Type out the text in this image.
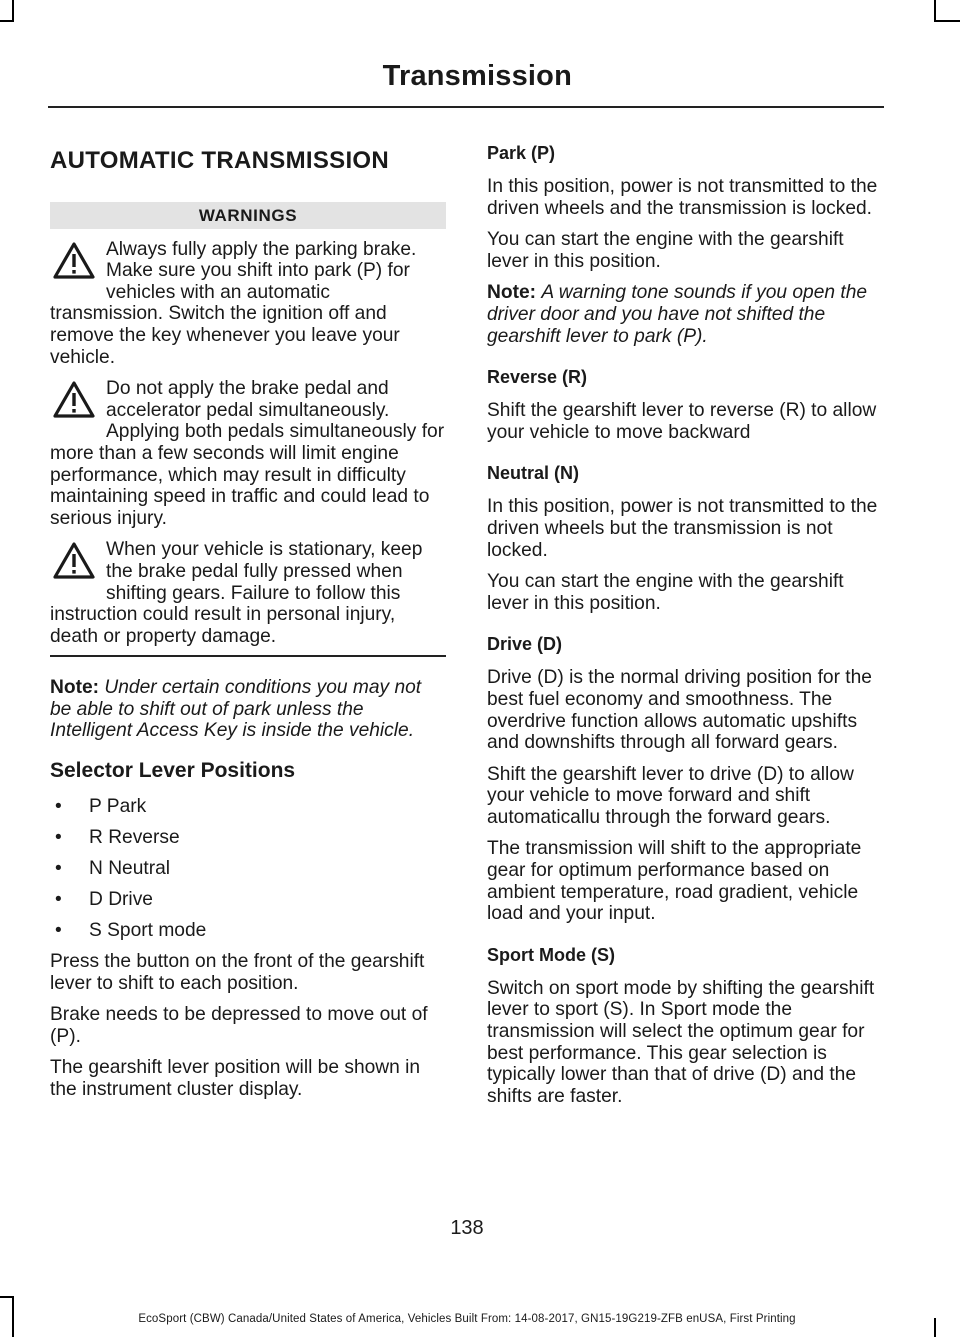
Transmission
AUTOMATIC TRANSMISSION
WARNINGS
Always fully apply the parking brake. Make sure you shift into park (P) for vehicles with an automatic transmission. Switch the ignition off and remove the key whenever you leave your vehicle.
Do not apply the brake pedal and accelerator pedal simultaneously. Applying both pedals simultaneously for more than a few seconds will limit engine performance, which may result in difficulty maintaining speed in traffic and could lead to serious injury.
When your vehicle is stationary, keep the brake pedal fully pressed when shifting gears. Failure to follow this instruction could result in personal injury, death or property damage.

Note: Under certain conditions you may not be able to shift out of park unless the Intelligent Access Key is inside the vehicle.

Selector Lever Positions
• P Park
• R Reverse
• N Neutral
• D Drive
• S Sport mode

Press the button on the front of the gearshift lever to shift to each position.

Brake needs to be depressed to move out of (P).

The gearshift lever position will be shown in the instrument cluster display.

Park (P)

In this position, power is not transmitted to the driven wheels and the transmission is locked.

You can start the engine with the gearshift lever in this position.

Note: A warning tone sounds if you open the driver door and you have not shifted the gearshift lever to park (P).

Reverse (R)

Shift the gearshift lever to reverse (R) to allow your vehicle to move backward

Neutral (N)

In this position, power is not transmitted to the driven wheels but the transmission is not locked.

You can start the engine with the gearshift lever in this position.

Drive (D)

Drive (D) is the normal driving position for the best fuel economy and smoothness. The overdrive function allows automatic upshifts and downshifts through all forward gears.

Shift the gearshift lever to drive (D) to allow your vehicle to move forward and shift automaticallu through the forward gears.

The transmission will shift to the appropriate gear for optimum performance based on ambient temperature, road gradient, vehicle load and your input.

Sport Mode (S)

Switch on sport mode by shifting the gearshift lever to sport (S). In Sport mode the transmission will select the optimum gear for best performance. This gear selection is typically lower than that of drive (D) and the shifts are faster.

138
EcoSport (CBW) Canada/United States of America, Vehicles Built From: 14-08-2017, GN15-19G219-ZFB enUSA, First Printing
